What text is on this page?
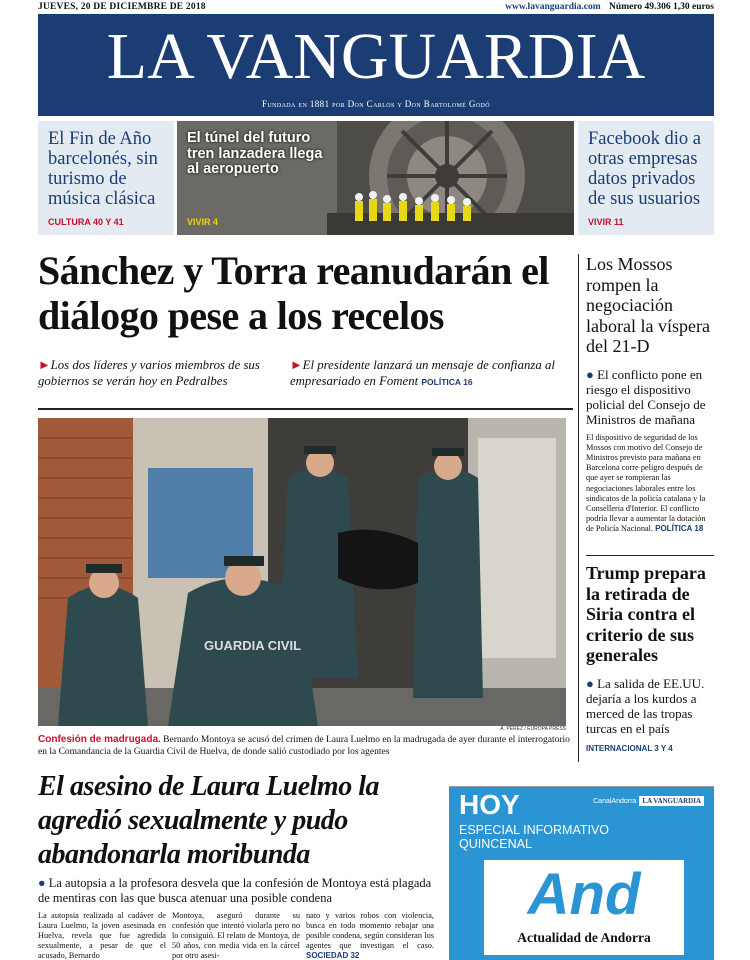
JUEVES, 20 DE DICIEMBRE DE 2018	www.lavanguardia.com Número 49.306 1,30 euros
LA VANGUARDIA
Fundada en 1881 por Don Carlos y Don Bartolomé Godó
El Fin de Año barcelonés, sin turismo de música clásica
CULTURA 40 Y 41
El túnel del futuro tren lanzadera llega al aeropuerto
VIVIR 4
Facebook dio a otras empresas datos privados de sus usuarios
VIVIR 11
Sánchez y Torra reanudarán el diálogo pese a los recelos
►Los dos líderes y varios miembros de sus gobiernos se verán hoy en Pedralbes
►El presidente lanzará un mensaje de confianza al empresariado en Foment POLÍTICA 16
GUARDIA CIVIL
A. PÉREZ / EUROPA PRESS
Confesión de madrugada. Bernardo Montoya se acusó del crimen de Laura Luelmo en la madrugada de ayer durante el interrogatorio en la Comandancia de la Guardia Civil de Huelva, de donde salió custodiado por los agentes
Los Mossos rompen la negociación laboral la víspera del 21-D
● El conflicto pone en riesgo el dispositivo policial del Consejo de Ministros de mañana
El dispositivo de seguridad de los Mossos con motivo del Consejo de Ministros previsto para mañana en Barcelona corre peligro después de que ayer se rompieran las negociaciones laborales entre los sindicatos de la policía catalana y la Conselleria d'Interior. El conflicto podría llevar a aumentar la dotación de Policía Nacional. POLÍTICA 18
Trump prepara la retirada de Siria contra el criterio de sus generales
● La salida de EE.UU. dejaría a los kurdos a merced de las tropas turcas en el país
INTERNACIONAL 3 Y 4
El asesino de Laura Luelmo la agredió sexualmente y pudo abandonarla moribunda
● La autopsia a la profesora desvela que la confesión de Montoya está plagada de mentiras con las que busca atenuar una posible condena
La autopsia realizada al cadáver de Laura Luelmo, la joven asesinada en Huelva, revela que fue agredida sexualmente, a pesar de que el acusado, Bernardo
Montoya, aseguró durante su confesión que intentó violarla pero no lo consiguió. El relato de Montoya, de 50 años, con media vida en la cárcel por otro asesi-
nato y varios robos con violencia, busca en todo momento rebajar una posible condena, según consideran los agentes que investigan el caso. SOCIEDAD 32
HOY	CanalAndorra LA VANGUARDIA
ESPECIAL INFORMATIVO QUINCENAL
And
Actualidad de Andorra
